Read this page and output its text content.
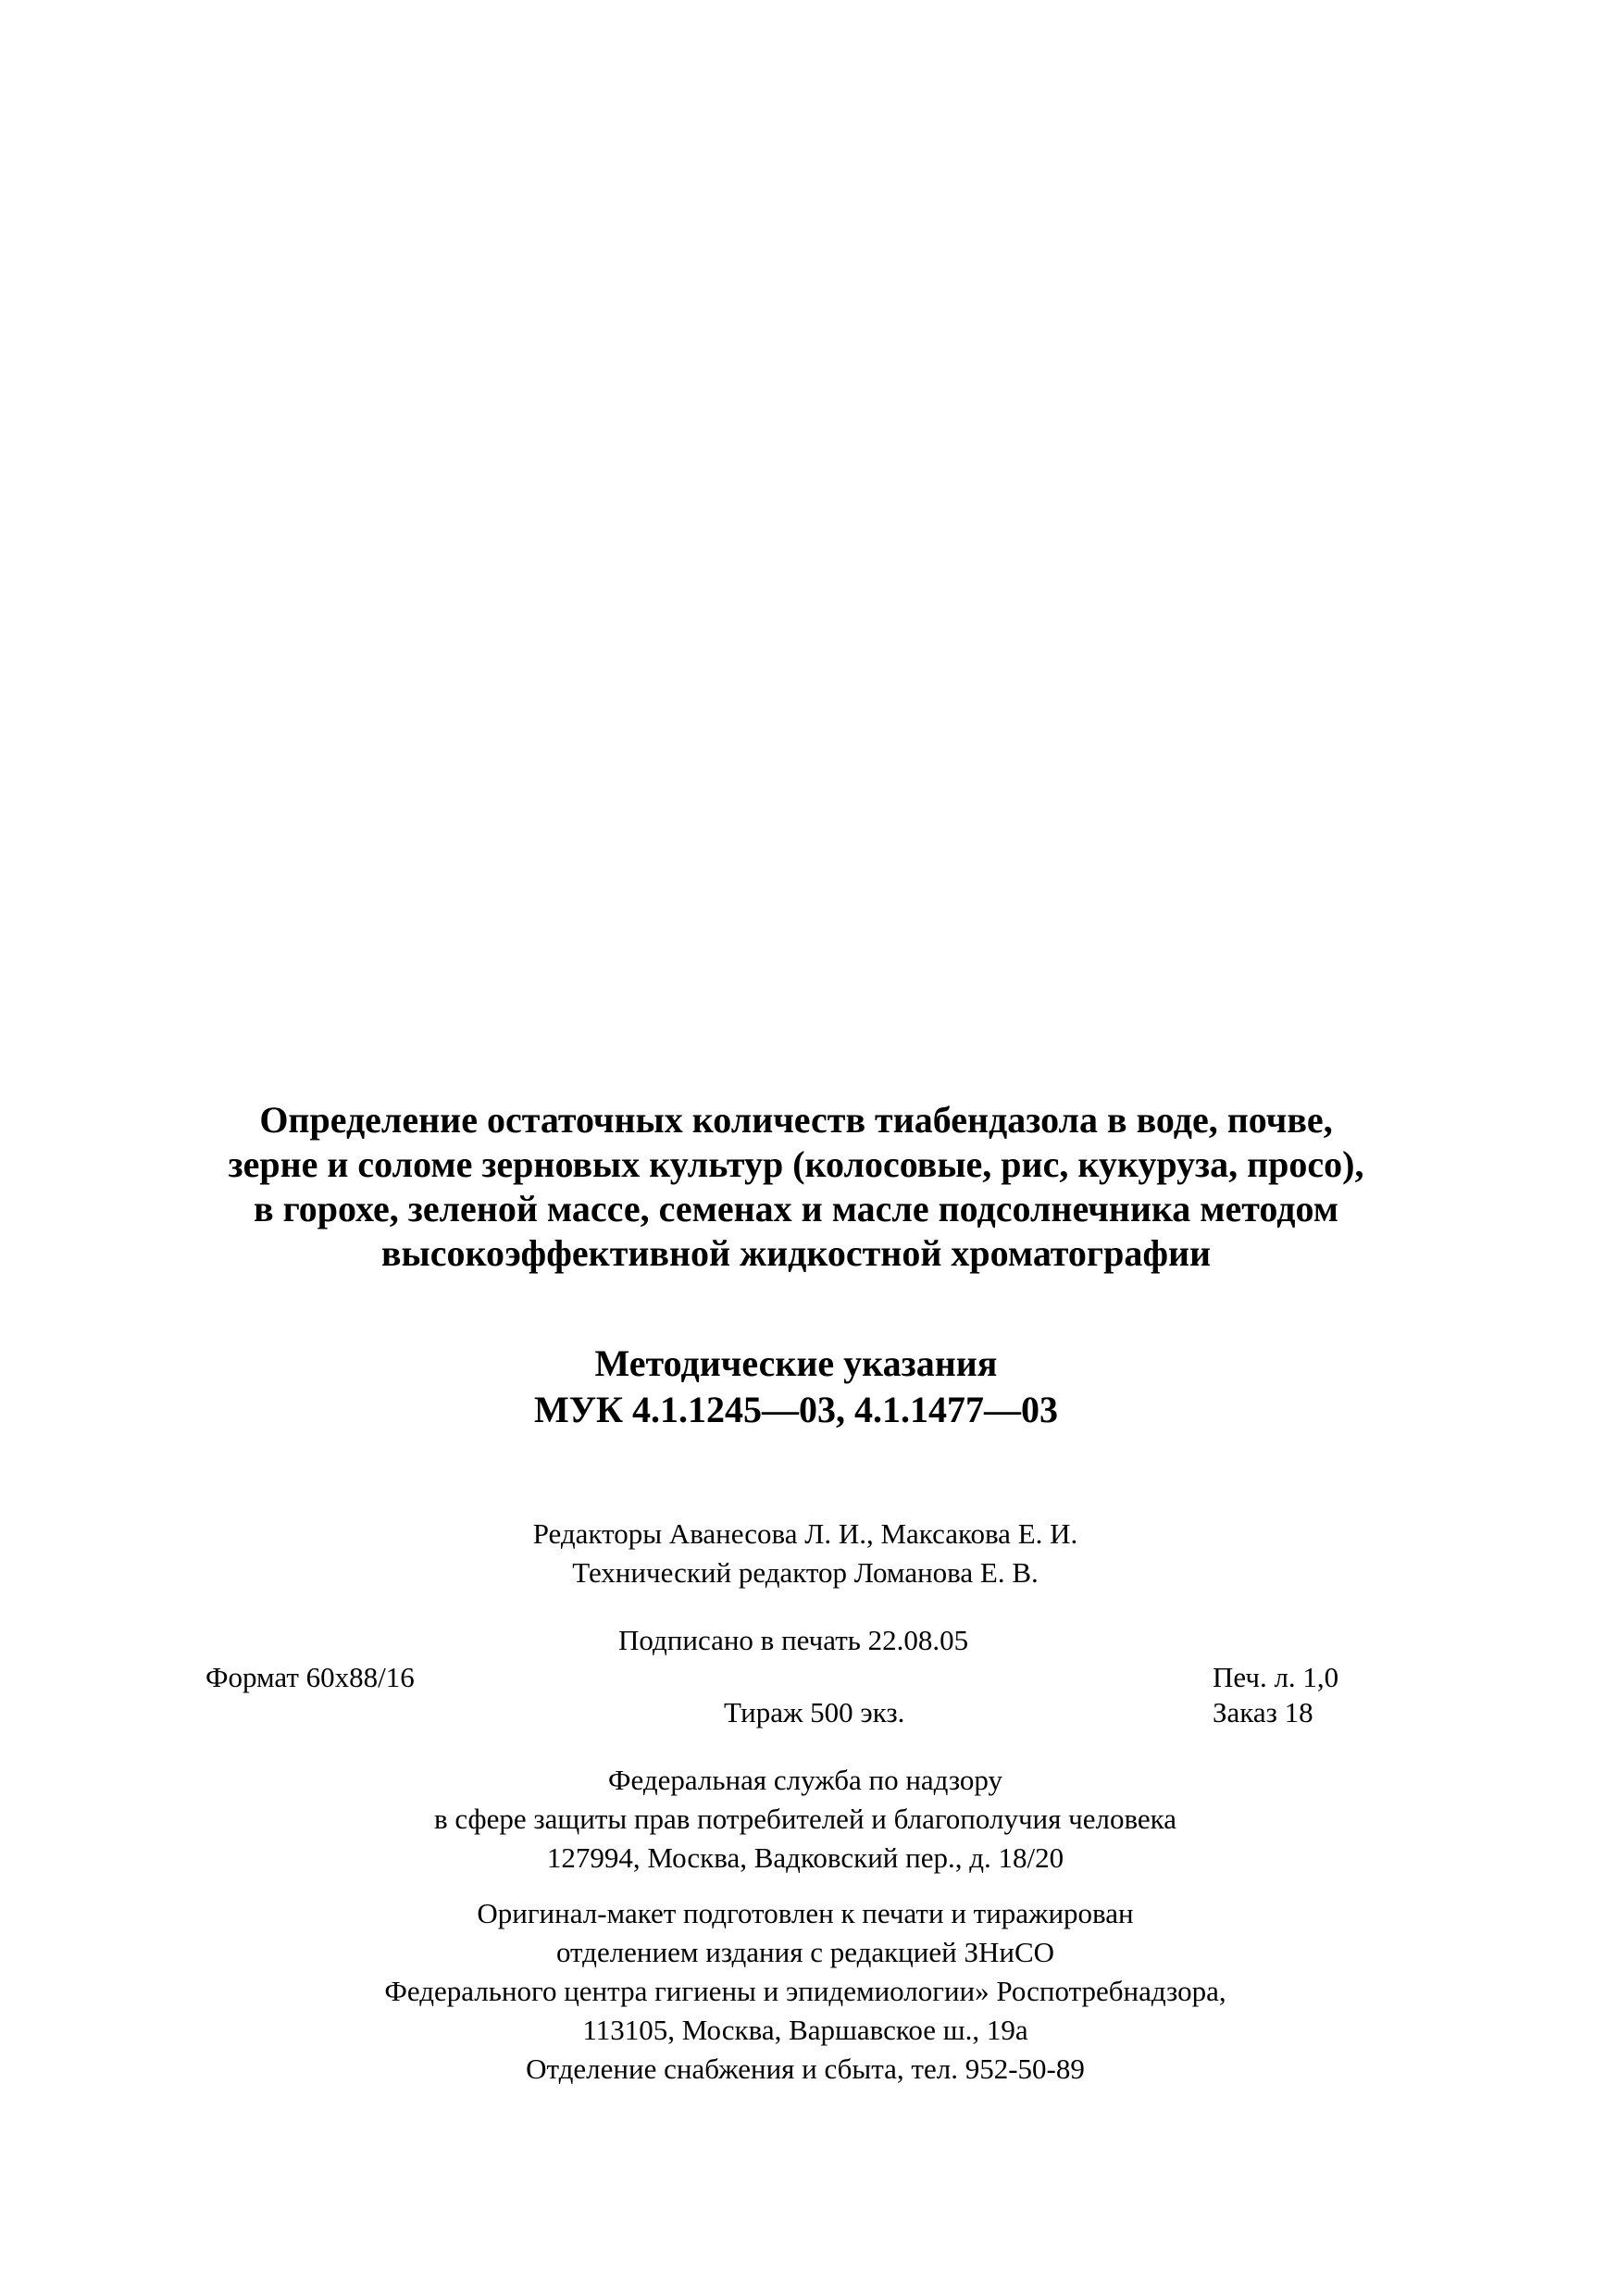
Определение остаточных количеств тиабендазола в воде, почве,
зерне и соломе зерновых культур (колосовые, рис, кукуруза, просо),
в горохе, зеленой массе, семенах и масле подсолнечника методом
высокоэффективной жидкостной хроматографии
Методические указания
МУК 4.1.1245—03, 4.1.1477—03
Редакторы Аванесова Л. И., Максакова Е. И.
Технический редактор Ломанова Е. В.
Подписано в печать 22.08.05
Формат 60x88/16	Печ. л. 1,0
Тираж 500 экз.	Заказ 18
Федеральная служба по надзору
в сфере защиты прав потребителей и благополучия человека
127994, Москва, Вадковский пер., д. 18/20
Оригинал-макет подготовлен к печати и тиражирован
отделением издания с редакцией ЗНиСО
Федерального центра гигиены и эпидемиологии» Роспотребнадзора,
113105, Москва, Варшавское ш., 19а
Отделение снабжения и сбыта, тел. 952-50-89
